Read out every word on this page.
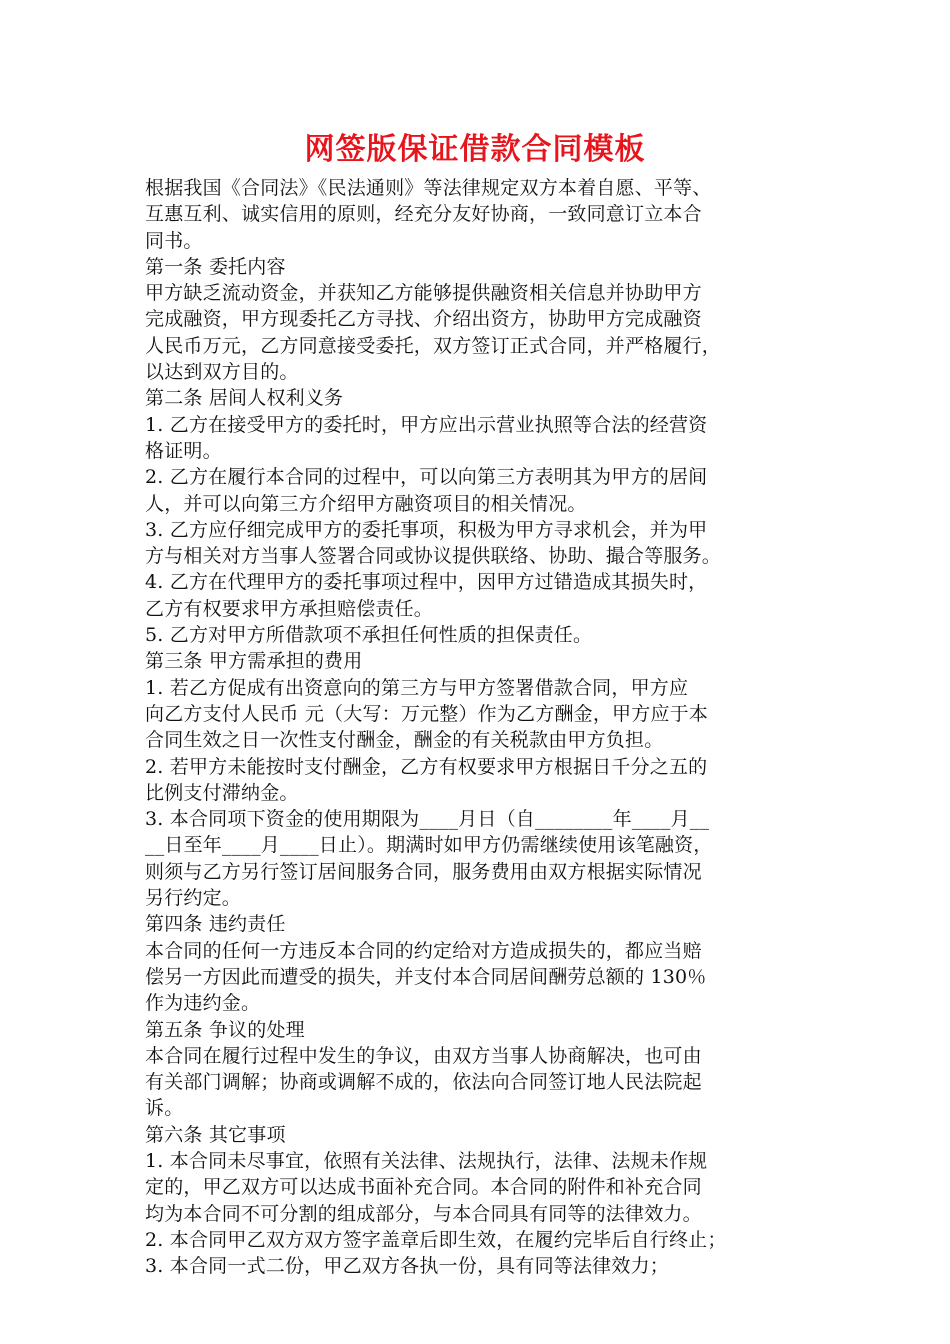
网签版保证借款合同模板

根据我国《合同法》《民法通则》等法律规定双方本着自愿、平等、

互惠互利、诚实信用的原则，经充分友好协商，一致同意订立本合

同书。

第一条 委托内容

甲方缺乏流动资金，并获知乙方能够提供融资相关信息并协助甲方

完成融资，甲方现委托乙方寻找、介绍出资方，协助甲方完成融资

人民币万元，乙方同意接受委托，双方签订正式合同，并严格履行，

以达到双方目的。

第二条 居间人权利义务

1. 乙方在接受甲方的委托时，甲方应出示营业执照等合法的经营资

格证明。

2. 乙方在履行本合同的过程中，可以向第三方表明其为甲方的居间

人，并可以向第三方介绍甲方融资项目的相关情况。

3. 乙方应仔细完成甲方的委托事项，积极为甲方寻求机会，并为甲

方与相关对方当事人签署合同或协议提供联络、协助、撮合等服务。

4. 乙方在代理甲方的委托事项过程中，因甲方过错造成其损失时，

乙方有权要求甲方承担赔偿责任。

5. 乙方对甲方所借款项不承担任何性质的担保责任。

第三条 甲方需承担的费用

1. 若乙方促成有出资意向的第三方与甲方签署借款合同，甲方应

向乙方支付人民币 元（大写：万元整）作为乙方酬金，甲方应于本

合同生效之日一次性支付酬金，酬金的有关税款由甲方负担。

2. 若甲方未能按时支付酬金，乙方有权要求甲方根据日千分之五的

比例支付滞纳金。

3. 本合同项下资金的使用期限为____月日（自________年____月__

__日至年____月____日止）。期满时如甲方仍需继续使用该笔融资，

则须与乙方另行签订居间服务合同，服务费用由双方根据实际情况

另行约定。

第四条 违约责任

本合同的任何一方违反本合同的约定给对方造成损失的，都应当赔

偿另一方因此而遭受的损失，并支付本合同居间酬劳总额的 130％

作为违约金。

第五条 争议的处理

本合同在履行过程中发生的争议，由双方当事人协商解决，也可由

有关部门调解；协商或调解不成的，依法向合同签订地人民法院起

诉。

第六条 其它事项

1. 本合同未尽事宜，依照有关法律、法规执行，法律、法规未作规

定的，甲乙双方可以达成书面补充合同。本合同的附件和补充合同

均为本合同不可分割的组成部分，与本合同具有同等的法律效力。

2. 本合同甲乙双方双方签字盖章后即生效，在履约完毕后自行终止；

3. 本合同一式二份，甲乙双方各执一份，具有同等法律效力；
